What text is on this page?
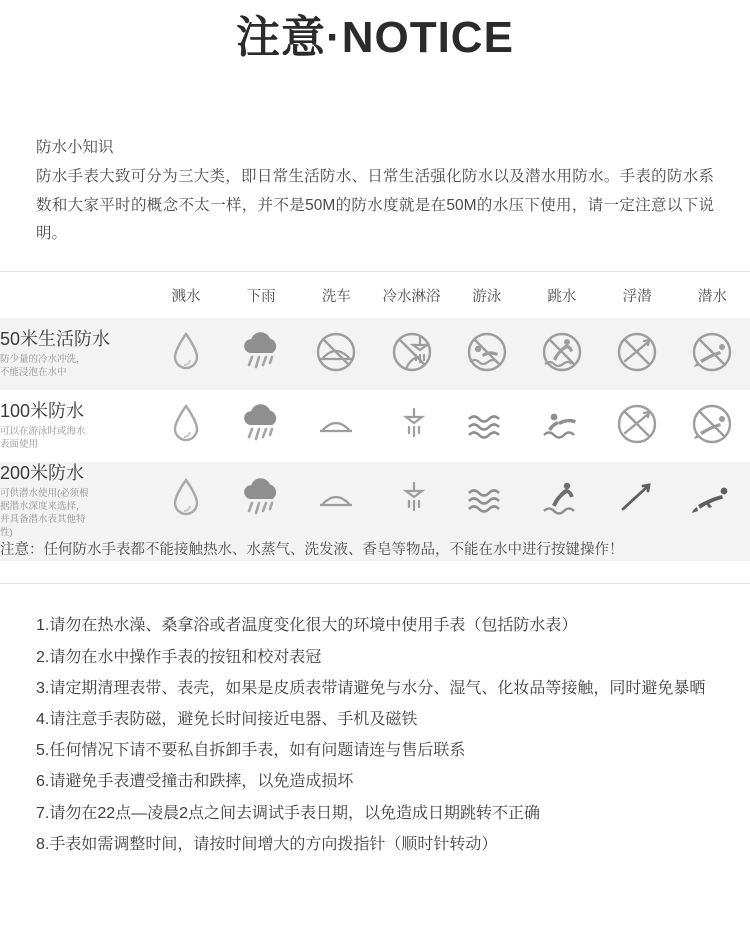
注意·NOTICE
防水小知识
防水手表大致可分为三大类，即日常生活防水、日常生活强化防水以及潜水用防水。手表的防水系数和大家平时的概念不太一样，并不是50M的防水度就是在50M的水压下使用，请一定注意以下说明。
	溅水	下雨	洗车	冷水淋浴	游泳	跳水	浮潜	潜水

50米生活防水
防少量的冷水冲洗，不能浸泡在水中

100米防水
可以在游泳时或海水表面使用

200米防水
可供潜水使用(必须根据潜水深度来选择，并具备潜水表其他特性)

注意：任何防水手表都不能接触热水、水蒸气、洗发液、香皂等物品，不能在水中进行按键操作！								
1.请勿在热水澡、桑拿浴或者温度变化很大的环境中使用手表（包括防水表）
2.请勿在水中操作手表的按钮和校对表冠
3.请定期清理表带、表壳，如果是皮质表带请避免与水分、湿气、化妆品等接触，同时避免暴晒
4.请注意手表防磁，避免长时间接近电器、手机及磁铁
5.任何情况下请不要私自拆卸手表，如有问题请连与售后联系
6.请避免手表遭受撞击和跌摔，以免造成损坏
7.请勿在22点—凌晨2点之间去调试手表日期，以免造成日期跳转不正确
8.手表如需调整时间，请按时间增大的方向拨指针（顺时针转动）
